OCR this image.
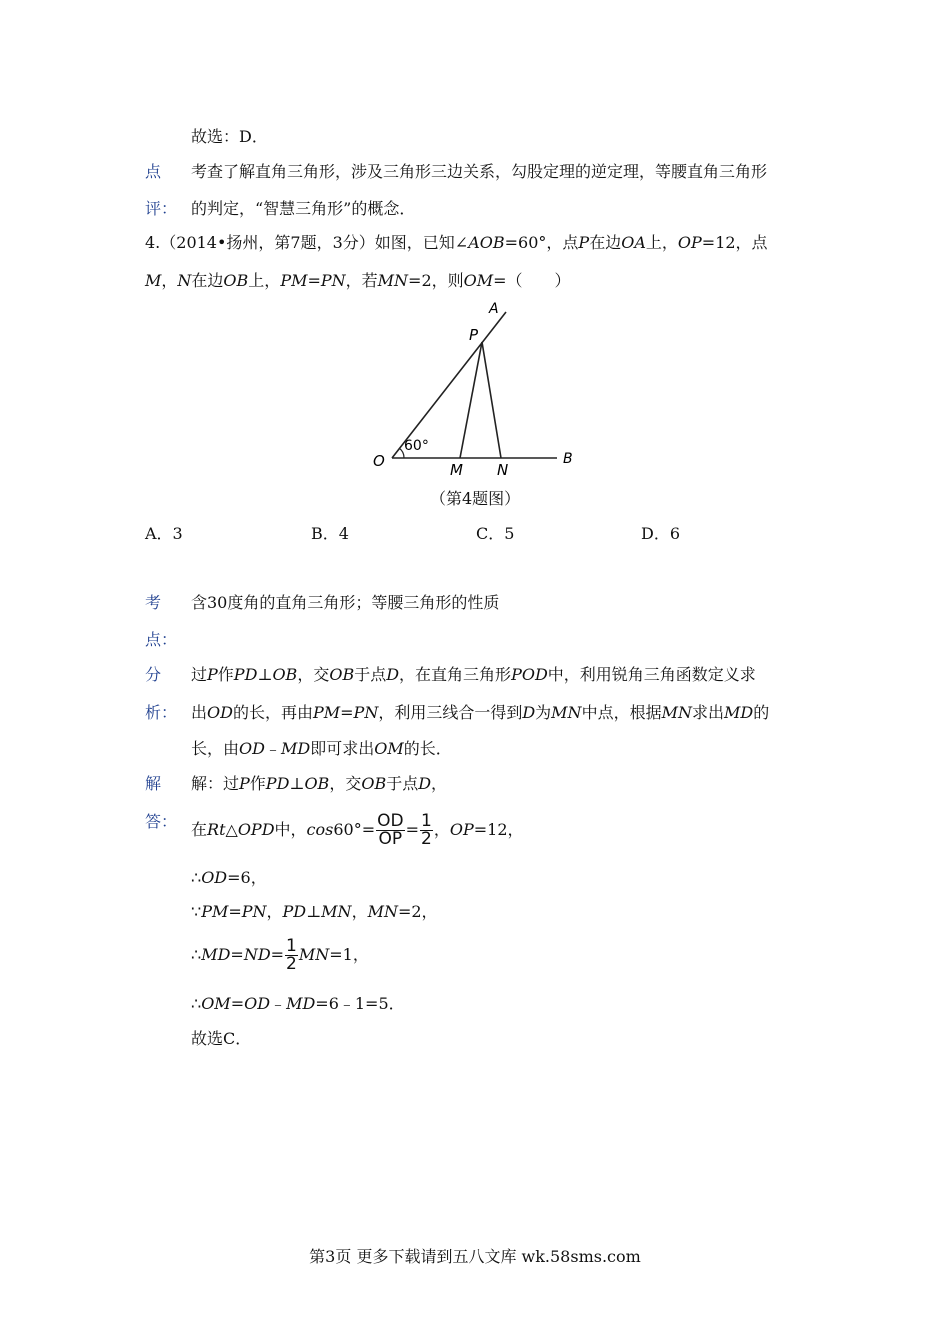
故选：D．
点
评：
考查了解直角三角形，涉及三角形三边关系，勾股定理的逆定理，等腰直角三角形
的判定，“智慧三角形”的概念．
4.（2014•扬州，第7题，3分）如图，已知∠AOB=60°，点P在边OA上，OP=12，点
M，N在边OB上，PM=PN，若MN=2，则OM=（　　）
A
P
O	M N
B
60°
（第4题图）
A．3	B．4	C．5	D．6
考
点：
含30度角的直角三角形；等腰三角形的性质
分
析：
过P作PD⊥OB，交OB于点D，在直角三角形POD中，利用锐角三角函数定义求
出OD的长，再由PM=PN，利用三线合一得到D为MN中点，根据MN求出MD的
长，由OD﹣MD即可求出OM的长．
解
答：
解：过P作PD⊥OB，交OB于点D，
在Rt△OPD中，$\cos 60^\circ= \frac{OD}{OP} = \frac{1}{2}$ ，OP=12，
∴OD=6，
∵PM=PN，PD⊥MN，MN=2，
∴MD=ND= $\frac{1}{2} MN=1$，
∴OM=OD﹣MD=6﹣1=5．
故选C．
第3页 更多下载请到五八文库 wk.58sms.com
